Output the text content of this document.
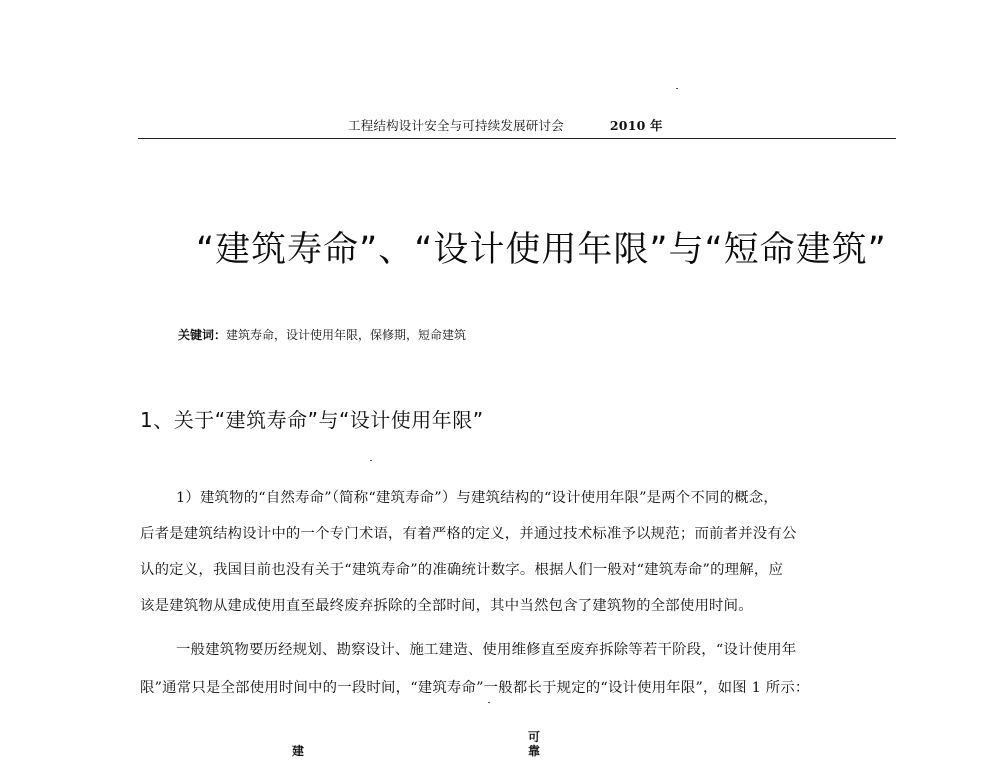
工程结构设计安全与可持续发展研讨会	2010 年
“建筑寿命”、“设计使用年限”与“短命建筑”
关键词：建筑寿命，设计使用年限，保修期，短命建筑
1、关于“建筑寿命”与“设计使用年限”
1）建筑物的“自然寿命”（简称“建筑寿命”）与建筑结构的“设计使用年限”是两个不同的概念，
后者是建筑结构设计中的一个专门术语，有着严格的定义，并通过技术标准予以规范；而前者并没有公
认的定义，我国目前也没有关于“建筑寿命”的准确统计数字。根据人们一般对“建筑寿命”的理解，应
该是建筑物从建成使用直至最终废弃拆除的全部时间，其中当然包含了建筑物的全部使用时间。
一般建筑物要历经规划、勘察设计、施工建造、使用维修直至废弃拆除等若干阶段，“设计使用年
限”通常只是全部使用时间中的一段时间，“建筑寿命”一般都长于规定的“设计使用年限”，如图 1 所示：
建
可
靠
